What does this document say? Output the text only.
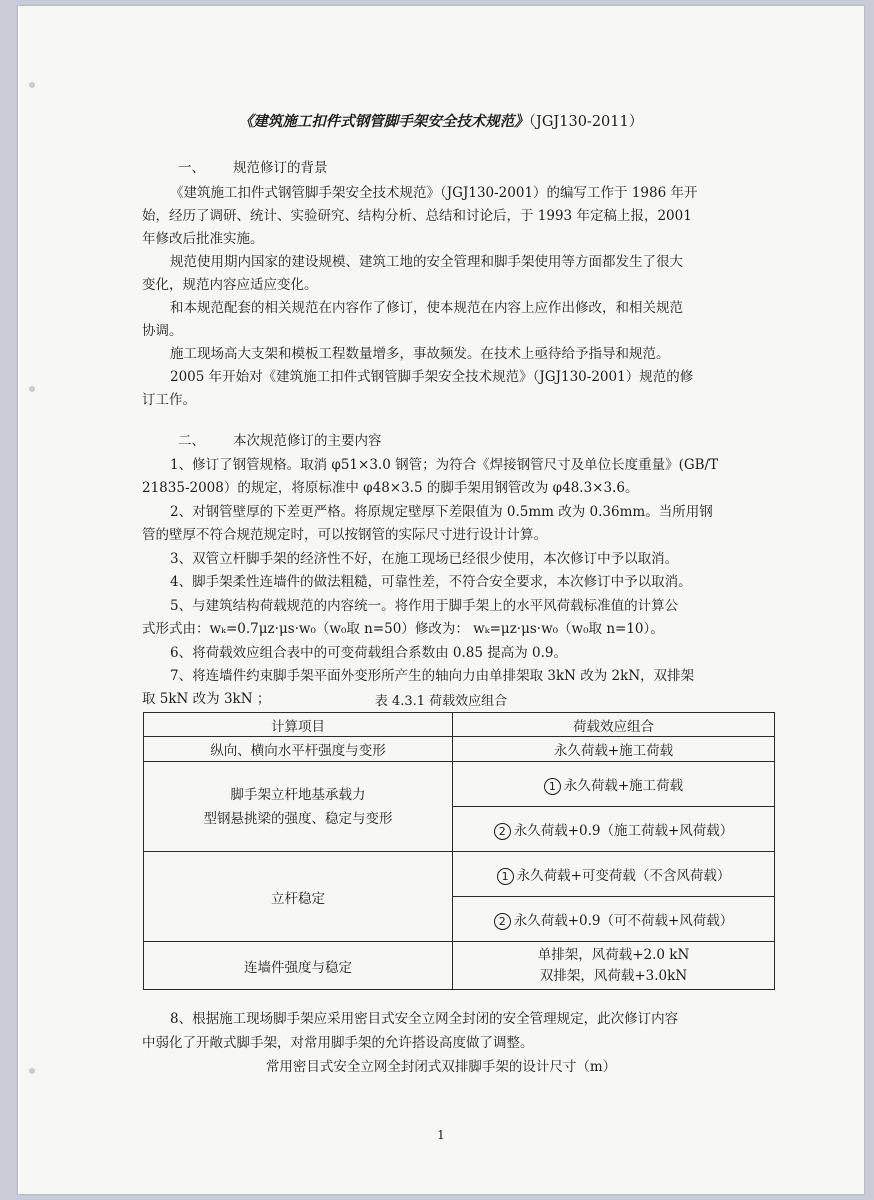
《建筑施工扣件式钢管脚手架安全技术规范》（JGJ130-2011）
一、 规范修订的背景
《建筑施工扣件式钢管脚手架安全技术规范》（JGJ130-2001）的编写工作于 1986 年开
始，经历了调研、统计、实验研究、结构分析、总结和讨论后，于 1993 年定稿上报，2001
年修改后批准实施。
规范使用期内国家的建设规模、建筑工地的安全管理和脚手架使用等方面都发生了很大
变化，规范内容应适应变化。
和本规范配套的相关规范在内容作了修订，使本规范在内容上应作出修改，和相关规范
协调。
施工现场高大支架和模板工程数量增多，事故频发。在技术上亟待给予指导和规范。
2005 年开始对《建筑施工扣件式钢管脚手架安全技术规范》（JGJ130-2001）规范的修
订工作。
二、 本次规范修订的主要内容
1、修订了钢管规格。取消 φ51×3.0 钢管；为符合《焊接钢管尺寸及单位长度重量》(GB/T
21835-2008）的规定，将原标准中 φ48×3.5 的脚手架用钢管改为 φ48.3×3.6。
2、对钢管壁厚的下差更严格。将原规定壁厚下差限值为 0.5mm 改为 0.36mm。当所用钢
管的壁厚不符合规范规定时，可以按钢管的实际尺寸进行设计计算。
3、双管立杆脚手架的经济性不好，在施工现场已经很少使用，本次修订中予以取消。
4、脚手架柔性连墙件的做法粗糙，可靠性差，不符合安全要求，本次修订中予以取消。
5、与建筑结构荷载规范的内容统一。将作用于脚手架上的水平风荷载标准值的计算公
式形式由：wₖ=0.7μz·μs·w₀（w₀取 n=50）修改为： wₖ=μz·μs·w₀（w₀取 n=10）。
6、将荷载效应组合表中的可变荷载组合系数由 0.85 提高为 0.9。
7、将连墙件约束脚手架平面外变形所产生的轴向力由单排架取 3kN 改为 2kN，双排架
取 5kN 改为 3kN ；	表 4.3.1 荷载效应组合
计算项目	荷载效应组合
纵向、横向水平杆强度与变形	永久荷载+施工荷载

脚手架立杆地基承载力
型钢悬挑梁的强度、稳定与变形	1 永久荷载+施工荷载
	2 永久荷载+0.9（施工荷载+风荷载）
立杆稳定	1 永久荷载+可变荷载（不含风荷载）
	2 永久荷载+0.9（可不荷载+风荷载）
连墙件强度与稳定	单排架，风荷载+2.0 kN
双排架，风荷载+3.0kN
8、根据施工现场脚手架应采用密目式安全立网全封闭的安全管理规定，此次修订内容
中弱化了开敞式脚手架，对常用脚手架的允许搭设高度做了调整。
常用密目式安全立网全封闭式双排脚手架的设计尺寸（m）
1
